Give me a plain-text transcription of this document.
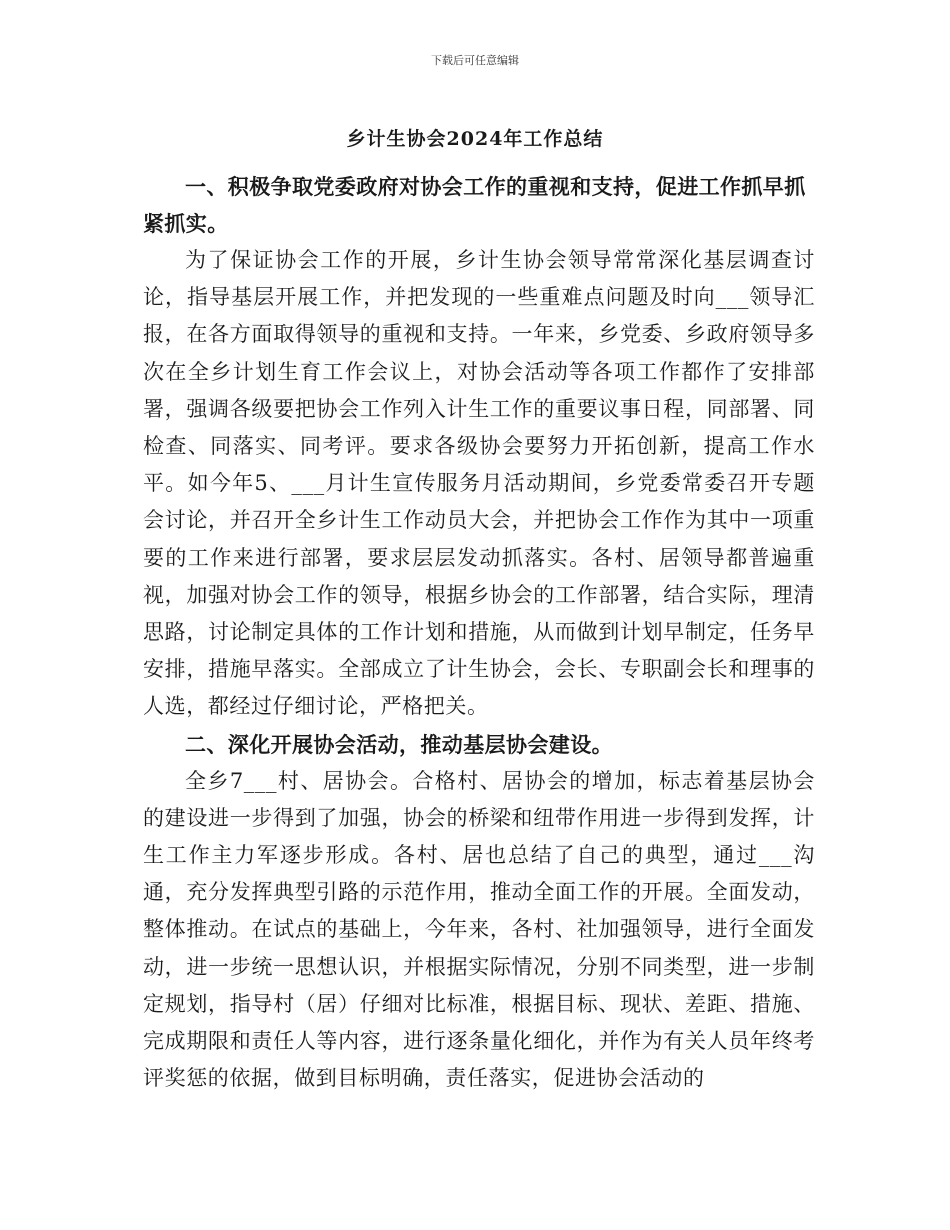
下载后可任意编辑
乡计生协会2024年工作总结

一、积极争取党委政府对协会工作的重视和支持，促进工作抓早抓紧抓实。

为了保证协会工作的开展，乡计生协会领导常常深化基层调查讨论，指导基层开展工作，并把发现的一些重难点问题及时向___领导汇报，在各方面取得领导的重视和支持。一年来，乡党委、乡政府领导多次在全乡计划生育工作会议上，对协会活动等各项工作都作了安排部署，强调各级要把协会工作列入计生工作的重要议事日程，同部署、同检查、同落实、同考评。要求各级协会要努力开拓创新，提高工作水平。如今年5、___月计生宣传服务月活动期间，乡党委常委召开专题会讨论，并召开全乡计生工作动员大会，并把协会工作作为其中一项重要的工作来进行部署，要求层层发动抓落实。各村、居领导都普遍重视，加强对协会工作的领导，根据乡协会的工作部署，结合实际，理清思路，讨论制定具体的工作计划和措施，从而做到计划早制定，任务早安排，措施早落实。全部成立了计生协会，会长、专职副会长和理事的人选，都经过仔细讨论，严格把关。

二、深化开展协会活动，推动基层协会建设。

全乡7___村、居协会。合格村、居协会的增加，标志着基层协会的建设进一步得到了加强，协会的桥梁和纽带作用进一步得到发挥，计生工作主力军逐步形成。各村、居也总结了自己的典型，通过___沟通，充分发挥典型引路的示范作用，推动全面工作的开展。全面发动，整体推动。在试点的基础上，今年来，各村、社加强领导，进行全面发动，进一步统一思想认识，并根据实际情况，分别不同类型，进一步制定规划，指导村（居）仔细对比标准，根据目标、现状、差距、措施、完成期限和责任人等内容，进行逐条量化细化，并作为有关人员年终考评奖惩的依据，做到目标明确，责任落实，促进协会活动的
